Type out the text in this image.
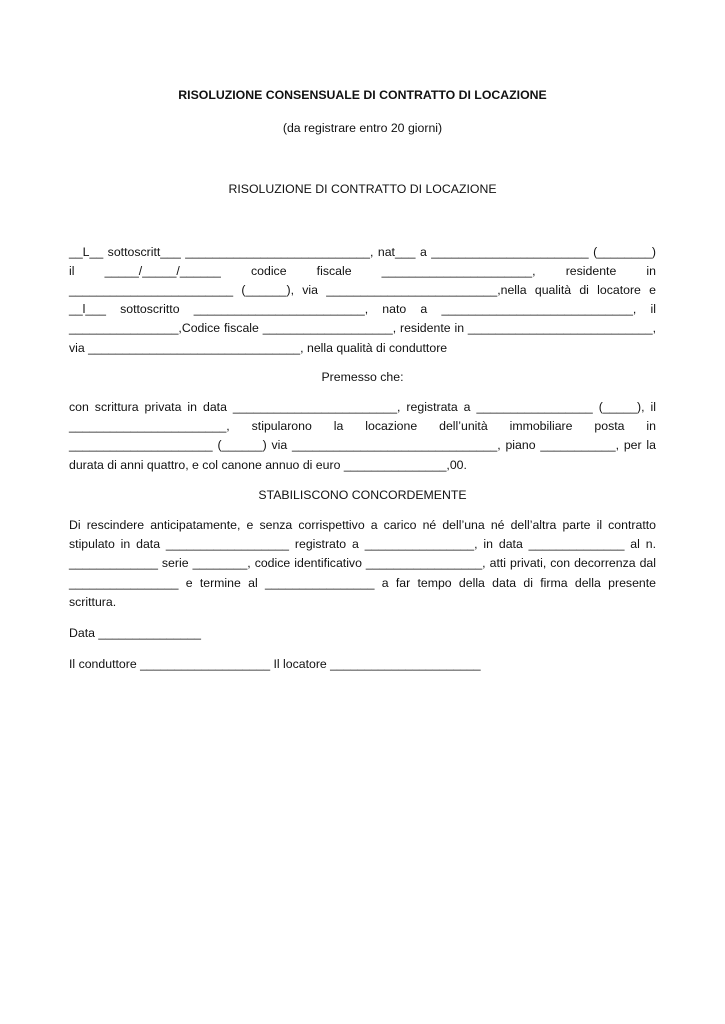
RISOLUZIONE CONSENSUALE DI CONTRATTO DI LOCAZIONE

(da registrare entro 20 giorni)

RISOLUZIONE DI CONTRATTO DI LOCAZIONE

__L__ sottoscritt___ ___________________________, nat___ a _______________________ (________) il _____/_____/______ codice fiscale ______________________, residente in ________________________ (______), via _________________________,nella qualità di locatore e __l___ sottoscritto _________________________, nato a ____________________________, il ________________,Codice fiscale ___________________, residente in ___________________________, via _______________________________, nella qualità di conduttore

Premesso che:

con scrittura privata in data ________________________, registrata a _________________ (_____), il _______________________, stipularono la locazione dell’unità immobiliare posta in _____________________ (______) via ______________________________, piano ___________, per la durata di anni quattro, e col canone annuo di euro _______________,00.

STABILISCONO CONCORDEMENTE

Di rescindere anticipatamente, e senza corrispettivo a carico né dell’una né dell’altra parte il contratto stipulato in data __________________ registrato a ________________, in data ______________ al n. _____________ serie ________, codice identificativo _________________, atti privati, con decorrenza dal ________________ e termine al ________________ a far tempo della data di firma della presente scrittura.

Data _______________

Il conduttore ___________________ Il locatore ______________________
